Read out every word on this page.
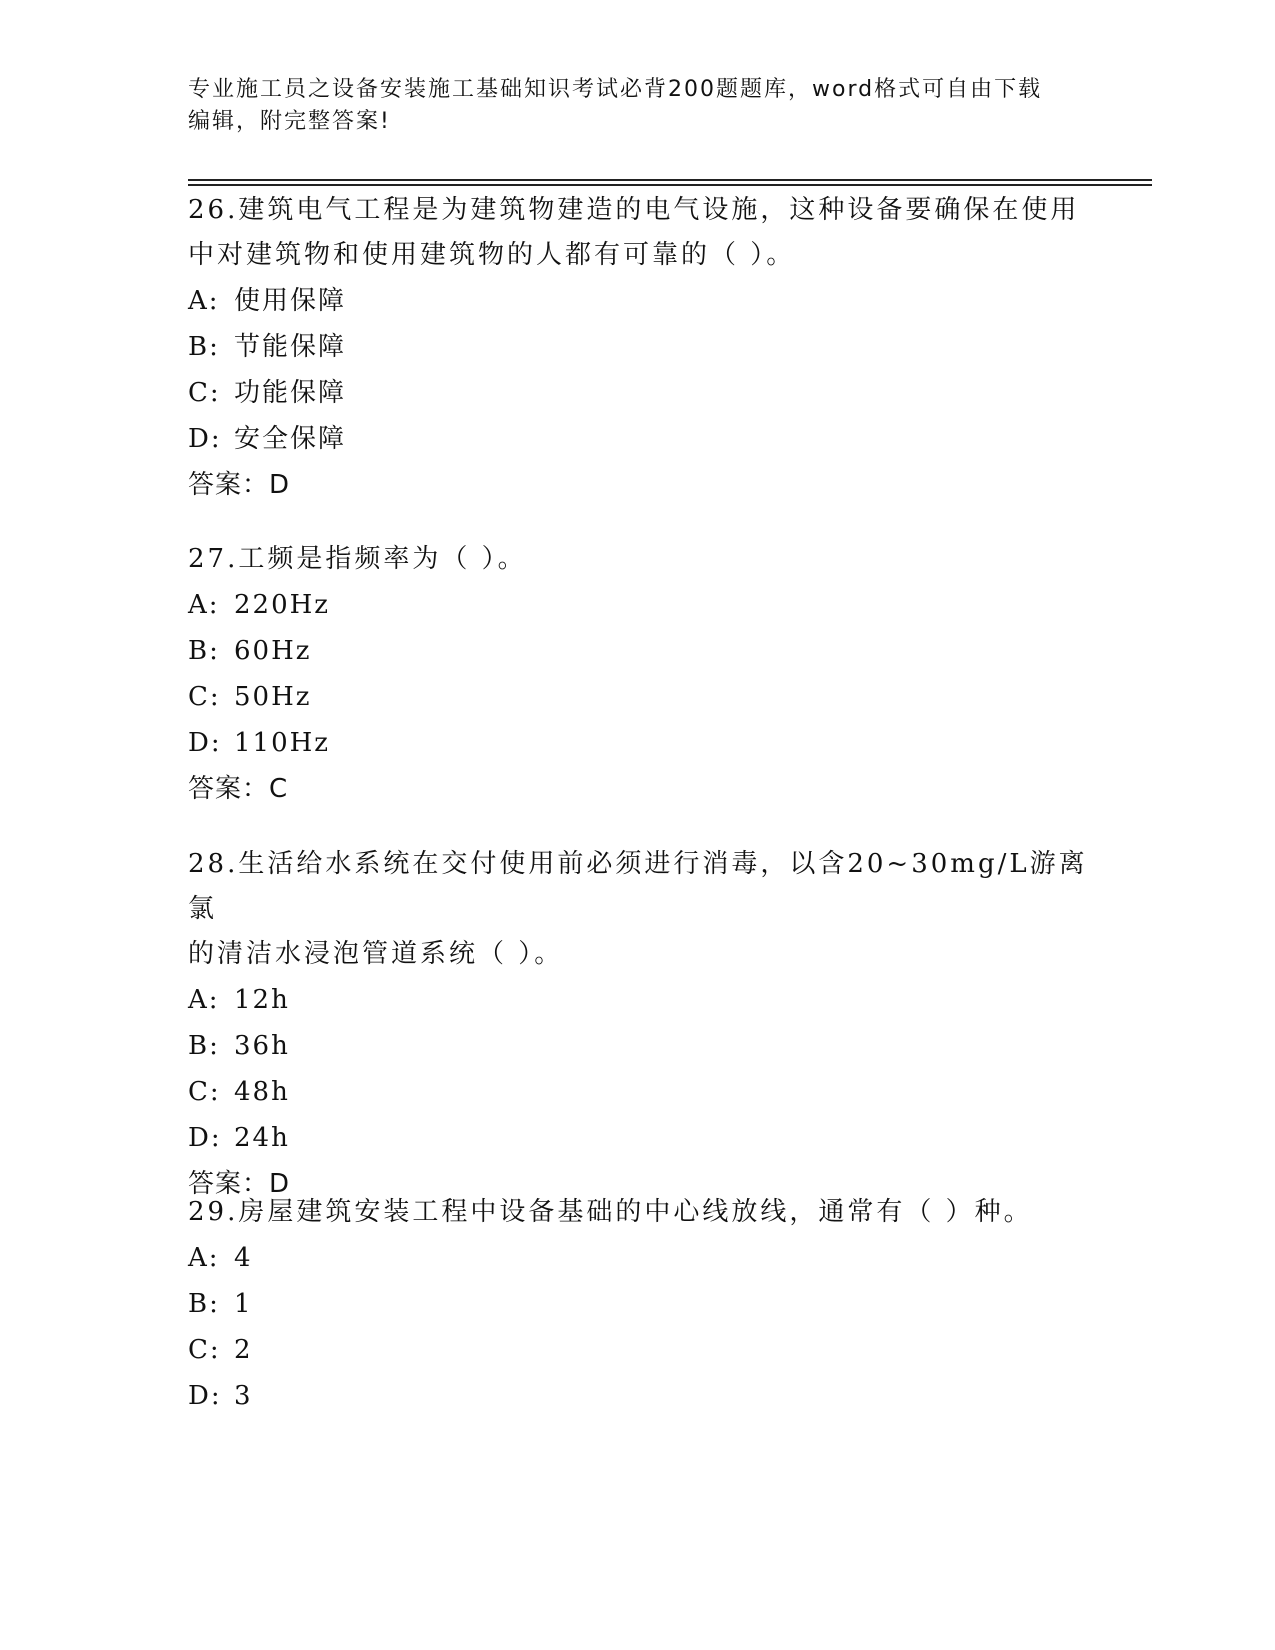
专业施工员之设备安装施工基础知识考试必背200题题库，word格式可自由下载
编辑，附完整答案!

26.建筑电气工程是为建筑物建造的电气设施，这种设备要确保在使用

中对建筑物和使用建筑物的人都有可靠的（ ）。

A: 使用保障

B: 节能保障

C: 功能保障

D: 安全保障

答案：D

27.工频是指频率为（ ）。

A: 220Hz

B: 60Hz

C: 50Hz

D: 110Hz

答案：C

28.生活给水系统在交付使用前必须进行消毒，以含20~30mg/L游离氯

的清洁水浸泡管道系统（ ）。

A: 12h

B: 36h

C: 48h

D: 24h

答案：D

29.房屋建筑安装工程中设备基础的中心线放线，通常有（ ）种。

A: 4

B: 1

C: 2

D: 3
